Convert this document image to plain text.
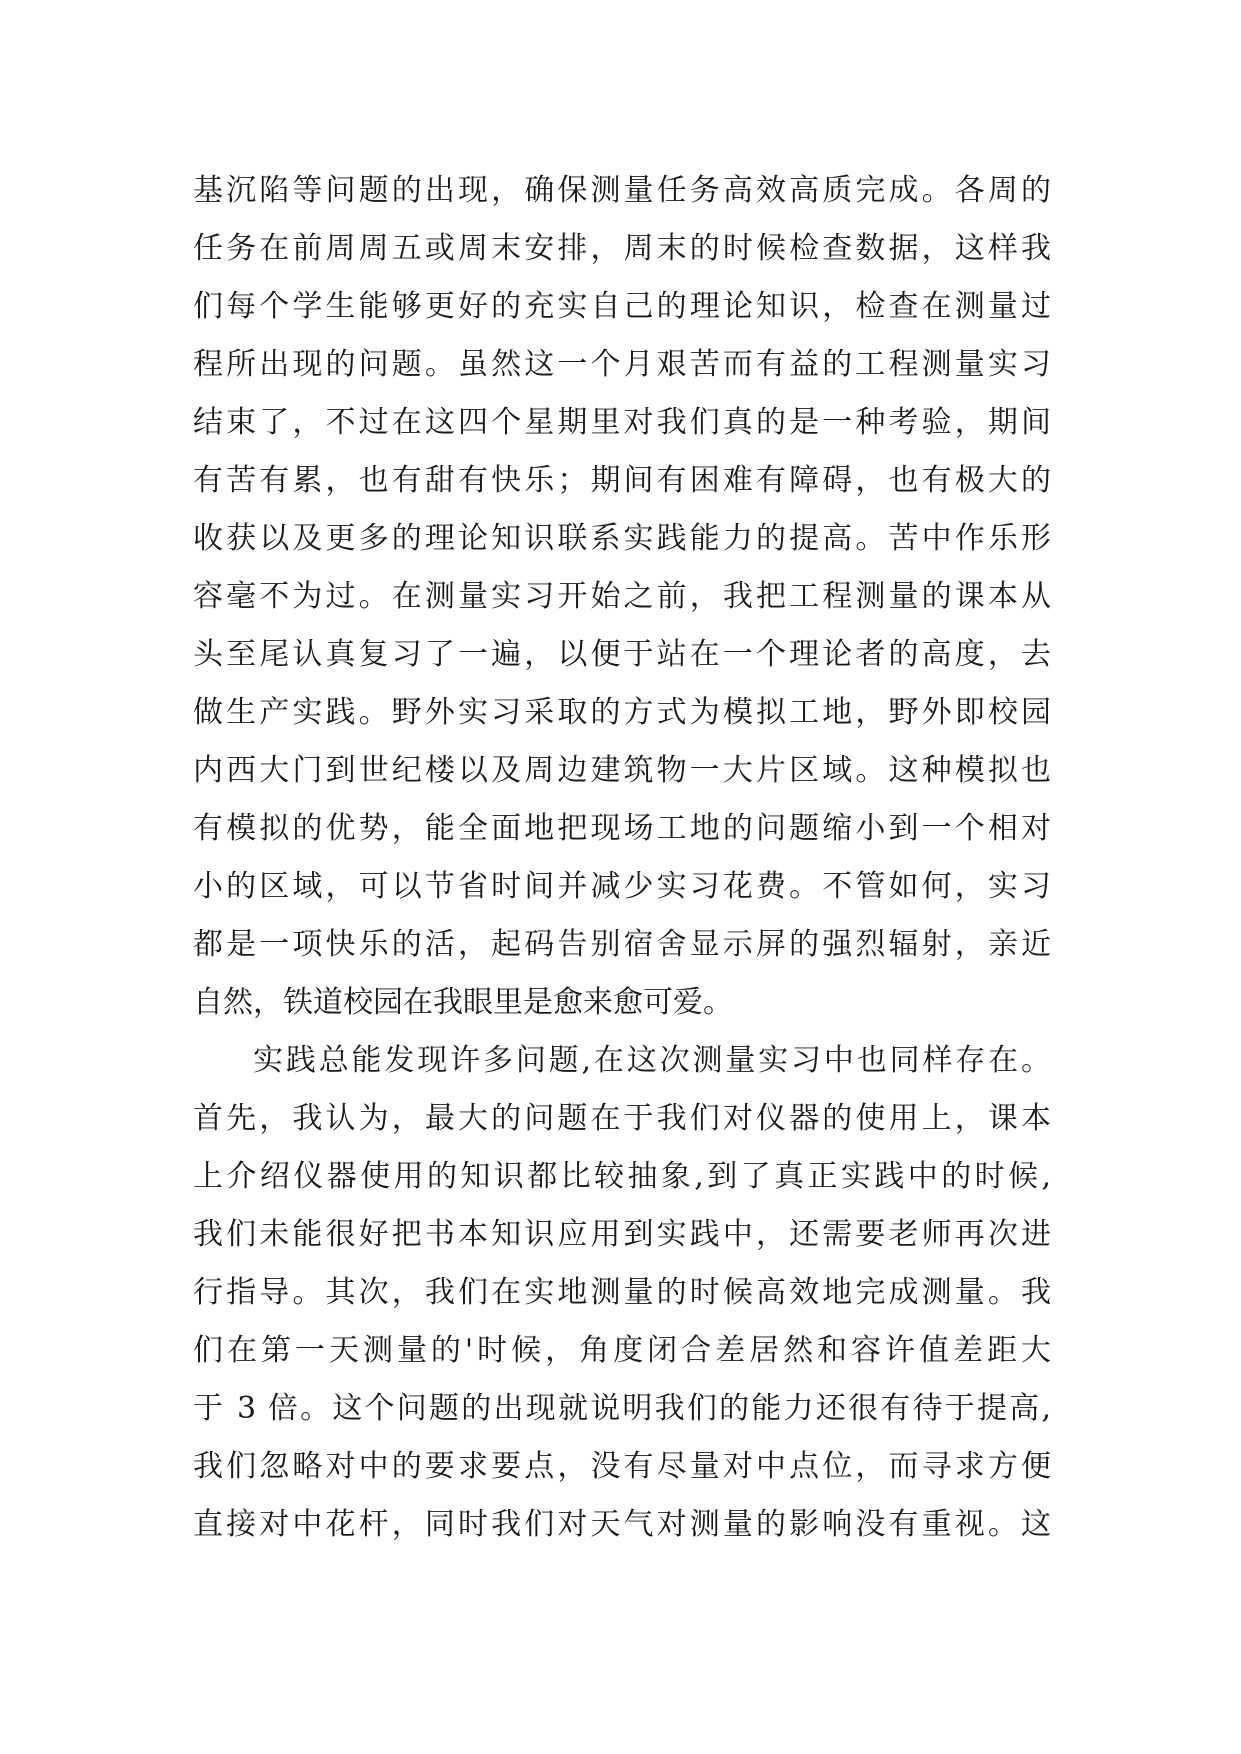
基沉陷等问题的出现，确保测量任务高效高质完成。各周的
任务在前周周五或周末安排，周末的时候检查数据，这样我
们每个学生能够更好的充实自己的理论知识，检查在测量过
程所出现的问题。虽然这一个月艰苦而有益的工程测量实习
结束了，不过在这四个星期里对我们真的是一种考验，期间
有苦有累，也有甜有快乐；期间有困难有障碍，也有极大的
收获以及更多的理论知识联系实践能力的提高。苦中作乐形
容毫不为过。在测量实习开始之前，我把工程测量的课本从
头至尾认真复习了一遍，以便于站在一个理论者的高度，去
做生产实践。野外实习采取的方式为模拟工地，野外即校园
内西大门到世纪楼以及周边建筑物一大片区域。这种模拟也
有模拟的优势，能全面地把现场工地的问题缩小到一个相对
小的区域，可以节省时间并减少实习花费。不管如何，实习
都是一项快乐的活，起码告别宿舍显示屏的强烈辐射，亲近
自然，铁道校园在我眼里是愈来愈可爱。
实践总能发现许多问题,在这次测量实习中也同样存在。
首先，我认为，最大的问题在于我们对仪器的使用上，课本
上介绍仪器使用的知识都比较抽象,到了真正实践中的时候,
我们未能很好把书本知识应用到实践中，还需要老师再次进
行指导。其次，我们在实地测量的时候高效地完成测量。我
们在第一天测量的'时候，角度闭合差居然和容许值差距大
于 3 倍。这个问题的出现就说明我们的能力还很有待于提高,
我们忽略对中的要求要点，没有尽量对中点位，而寻求方便
直接对中花杆，同时我们对天气对测量的影响没有重视。这
